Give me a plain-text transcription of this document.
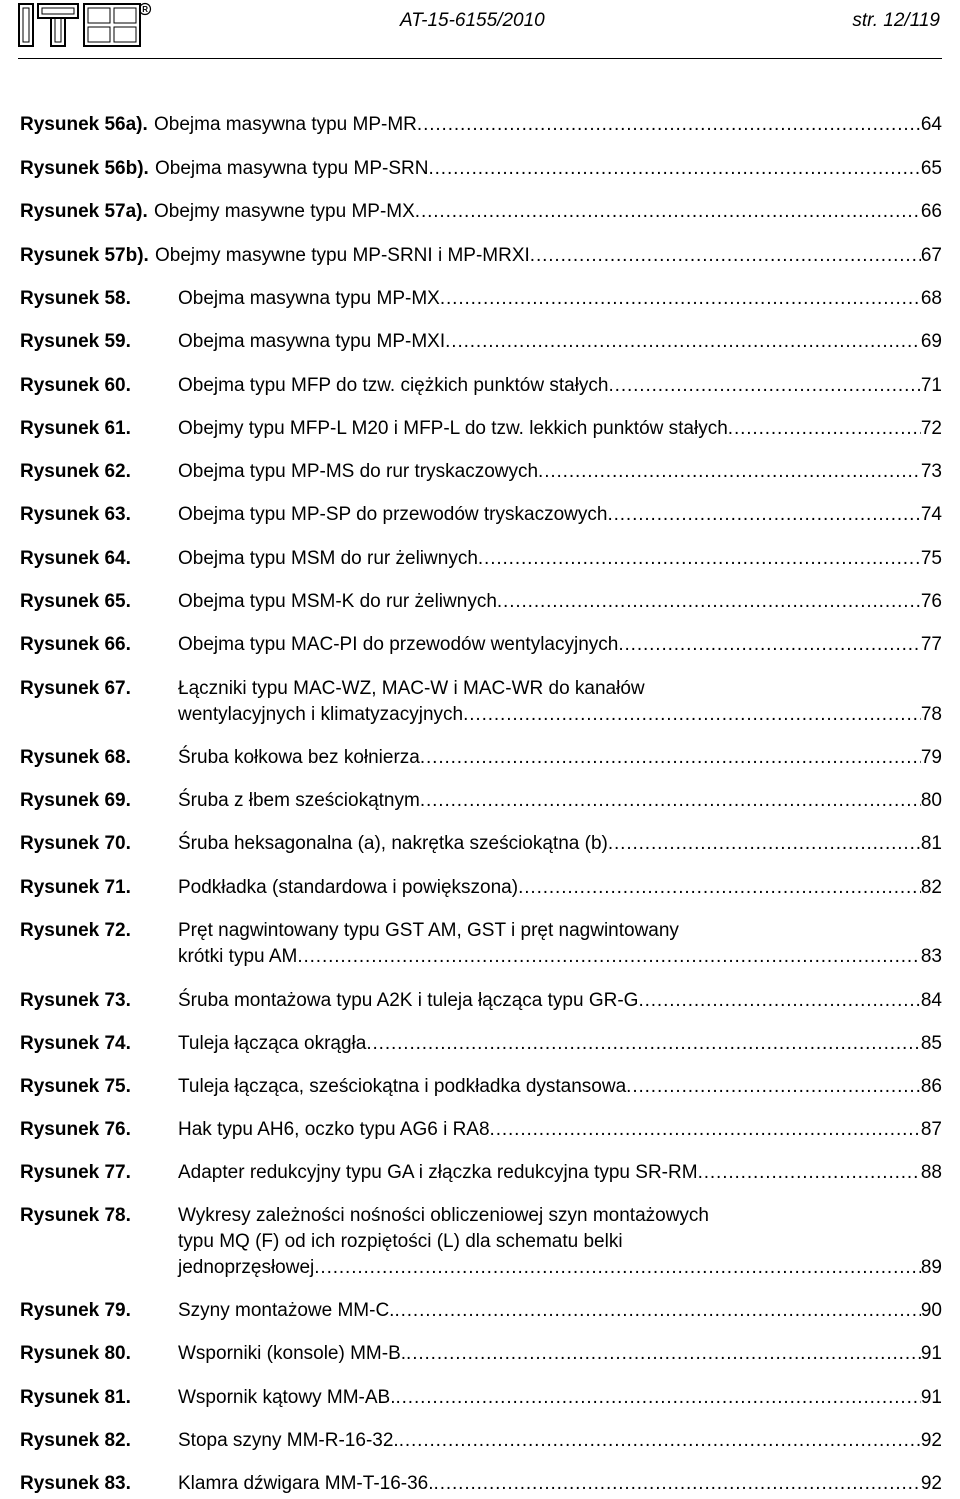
R
AT-15-6155/2010	str. 12/119
Rysunek 56a). Obejma masywna typu MP-MR . . .	64
Rysunek 56b). Obejma masywna typu MP-SRN . . .	65
Rysunek 57a). Obejmy masywne typu MP-MX . . .	66
Rysunek 57b). Obejmy masywne typu MP-SRNI i MP-MRXI . . .	67
Rysunek 58. Obejma masywna typu MP-MX . . .	68
Rysunek 59. Obejma masywna typu MP-MXI . . .	69
Rysunek 60. Obejma typu MFP do tzw. ciężkich punktów stałych . . .	71
Rysunek 61. Obejmy typu MFP-L M20 i MFP-L do tzw. lekkich punktów stałych . . .	72
Rysunek 62. Obejma typu MP-MS do rur tryskaczowych . . .	73
Rysunek 63. Obejma typu MP-SP do przewodów tryskaczowych . . .	74
Rysunek 64. Obejma typu MSM do rur żeliwnych . . .	75
Rysunek 65. Obejma typu MSM-K do rur żeliwnych . . .	76
Rysunek 66. Obejma typu MAC-PI do przewodów wentylacyjnych . . .	77
Rysunek 67. Łączniki typu MAC-WZ, MAC-W i MAC-WR do kanałów
wentylacyjnych i klimatyzacyjnych . . .	78
Rysunek 68. Śruba kołkowa bez kołnierza . . .	79
Rysunek 69. Śruba z łbem sześciokątnym . . .	80
Rysunek 70. Śruba heksagonalna (a), nakrętka sześciokątna (b) . . .	81
Rysunek 71. Podkładka (standardowa i powiększona) . . .	82
Rysunek 72. Pręt nagwintowany typu GST AM, GST i pręt nagwintowany
krótki typu AM . . .	83
Rysunek 73. Śruba montażowa typu A2K i tuleja łącząca typu GR-G . . .	84
Rysunek 74. Tuleja łącząca okrągła . . .	85
Rysunek 75. Tuleja łącząca, sześciokątna i podkładka dystansowa . . .	86
Rysunek 76. Hak typu AH6, oczko typu AG6 i RA8 . . .	87
Rysunek 77. Adapter redukcyjny typu GA i złączka redukcyjna typu SR-RM . . .	88
Rysunek 78. Wykresy zależności nośności obliczeniowej szyn montażowych
typu MQ (F) od ich rozpiętości (L) dla schematu belki
jednoprzęsłowej . . .	89
Rysunek 79. Szyny montażowe MM-C. . . .	90
Rysunek 80. Wsporniki (konsole) MM-B. . . .	91
Rysunek 81. Wspornik kątowy MM-AB. . . .	91
Rysunek 82. Stopa szyny MM-R-16-32. . . .	92
Rysunek 83. Klamra dźwigara MM-T-16-36. . . .	92
